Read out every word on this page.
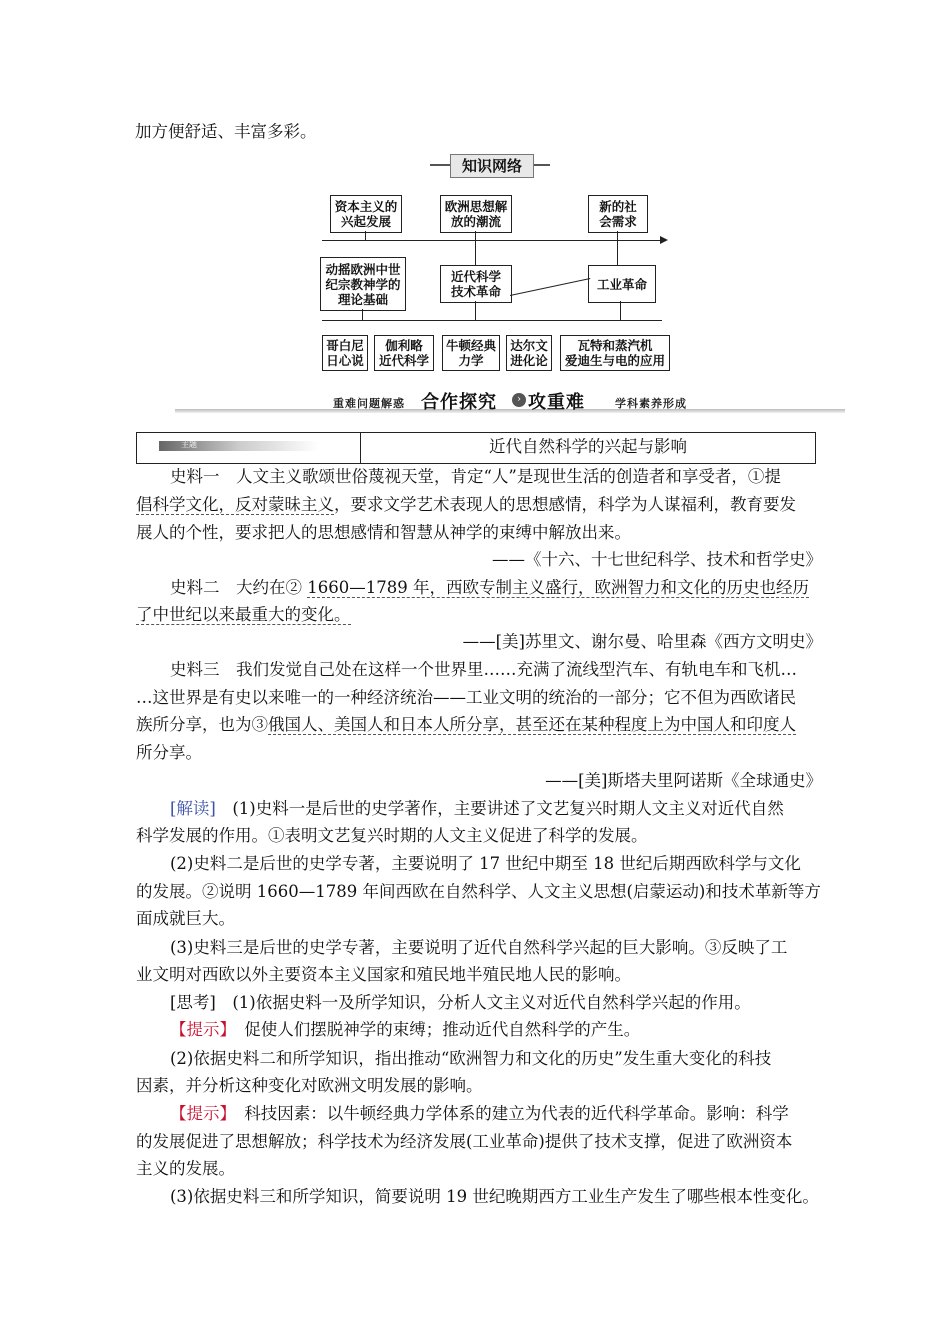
加方便舒适、丰富多彩。
知识网络
资本主义的
兴起发展
欧洲思想解
放的潮流
新的社
会需求
动摇欧洲中世
纪宗教神学的
理论基础
近代科学
技术革命	工业革命
哥白尼
日心说
伽利略
近代科学
牛顿经典
力学
达尔文
进化论
瓦特和蒸汽机
爱迪生与电的应用
重难问题解惑 合作探究	› 攻重难	学科素养形成
主题	近代自然科学的兴起与影响
史料一　人文主义歌颂世俗蔑视天堂，肯定“人”是现世生活的创造者和享受者，①提
倡科学文化，反对蒙昧主义，要求文学艺术表现人的思想感情，科学为人谋福利，教育要发
展人的个性，要求把人的思想感情和智慧从神学的束缚中解放出来。
——《十六、十七世纪科学、技术和哲学史》
史料二　大约在② 1660—1789 年，西欧专制主义盛行，欧洲智力和文化的历史也经历
了中世纪以来最重大的变化。
——[美]苏里文、谢尔曼、哈里森《西方文明史》
史料三　我们发觉自己处在这样一个世界里……充满了流线型汽车、有轨电车和飞机…
…这世界是有史以来唯一的一种经济统治——工业文明的统治的一部分；它不但为西欧诸民
族所分享，也为③俄国人、美国人和日本人所分享，甚至还在某种程度上为中国人和印度人
所分享。
——[美]斯塔夫里阿诺斯《全球通史》
[解读]　(1)史料一是后世的史学著作，主要讲述了文艺复兴时期人文主义对近代自然
科学发展的作用。①表明文艺复兴时期的人文主义促进了科学的发展。
(2)史料二是后世的史学专著，主要说明了 17 世纪中期至 18 世纪后期西欧科学与文化
的发展。②说明 1660—1789 年间西欧在自然科学、人文主义思想(启蒙运动)和技术革新等方
面成就巨大。
(3)史料三是后世的史学专著，主要说明了近代自然科学兴起的巨大影响。③反映了工
业文明对西欧以外主要资本主义国家和殖民地半殖民地人民的影响。
[思考]　(1)依据史料一及所学知识，分析人文主义对近代自然科学兴起的作用。
【提示】　促使人们摆脱神学的束缚；推动近代自然科学的产生。
(2)依据史料二和所学知识，指出推动“欧洲智力和文化的历史”发生重大变化的科技
因素，并分析这种变化对欧洲文明发展的影响。
【提示】　科技因素：以牛顿经典力学体系的建立为代表的近代科学革命。影响：科学
的发展促进了思想解放；科学技术为经济发展(工业革命)提供了技术支撑，促进了欧洲资本
主义的发展。
(3)依据史料三和所学知识，简要说明 19 世纪晚期西方工业生产发生了哪些根本性变化。
